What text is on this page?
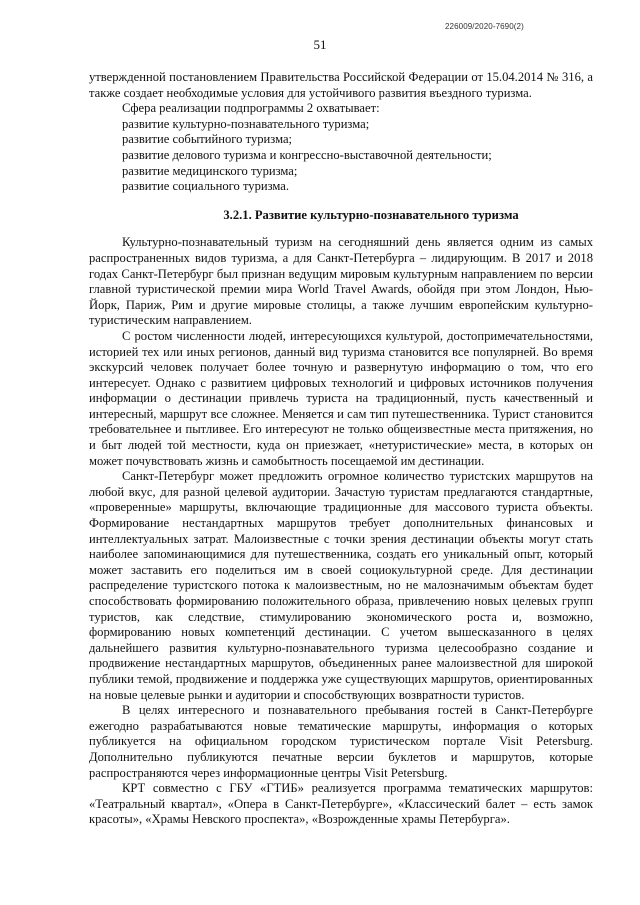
226009/2020-7690(2)
51

утвержденной постановлением Правительства Российской Федерации от 15.04.2014 № 316, а также создает необходимые условия для устойчивого развития въездного туризма.

Сфера реализации подпрограммы 2 охватывает:

развитие культурно-познавательного туризма;

развитие событийного туризма;

развитие делового туризма и конгрессно-выставочной деятельности;

развитие медицинского туризма;

развитие социального туризма.

3.2.1. Развитие культурно-познавательного туризма

Культурно-познавательный туризм на сегодняшний день является одним из самых распространенных видов туризма, а для Санкт-Петербурга – лидирующим. В 2017 и 2018 годах Санкт-Петербург был признан ведущим мировым культурным направлением по версии главной туристической премии мира World Travel Awards, обойдя при этом Лондон, Нью-Йорк, Париж, Рим и другие мировые столицы, а также лучшим европейским культурно-туристическим направлением.

С ростом численности людей, интересующихся культурой, достопримечательностями, историей тех или иных регионов, данный вид туризма становится все популярней. Во время экскурсий человек получает более точную и развернутую информацию о том, что его интересует. Однако с развитием цифровых технологий и цифровых источников получения информации о дестинации привлечь туриста на традиционный, пусть качественный и интересный, маршрут все сложнее. Меняется и сам тип путешественника. Турист становится требовательнее и пытливее. Его интересуют не только общеизвестные места притяжения, но и быт людей той местности, куда он приезжает, «нетуристические» места, в которых он может почувствовать жизнь и самобытность посещаемой им дестинации.

Санкт-Петербург может предложить огромное количество туристских маршрутов на любой вкус, для разной целевой аудитории. Зачастую туристам предлагаются стандартные, «проверенные» маршруты, включающие традиционные для массового туриста объекты. Формирование нестандартных маршрутов требует дополнительных финансовых и интеллектуальных затрат. Малоизвестные с точки зрения дестинации объекты могут стать наиболее запоминающимися для путешественника, создать его уникальный опыт, который может заставить его поделиться им в своей социокультурной среде. Для дестинации распределение туристского потока к малоизвестным, но не малозначимым объектам будет способствовать формированию положительного образа, привлечению новых целевых групп туристов, как следствие, стимулированию экономического роста и, возможно, формированию новых компетенций дестинации. С учетом вышесказанного в целях дальнейшего развития культурно-познавательного туризма целесообразно создание и продвижение нестандартных маршрутов, объединенных ранее малоизвестной для широкой публики темой, продвижение и поддержка уже существующих маршрутов, ориентированных на новые целевые рынки и аудитории и способствующих возвратности туристов.

В целях интересного и познавательного пребывания гостей в Санкт-Петербурге ежегодно разрабатываются новые тематические маршруты, информация о которых публикуется на официальном городском туристическом портале Visit Petersburg. Дополнительно публикуются печатные версии буклетов и маршрутов, которые распространяются через информационные центры Visit Petersburg.

КРТ совместно с ГБУ «ГТИБ» реализуется программа тематических маршрутов: «Театральный квартал», «Опера в Санкт-Петербурге», «Классический балет – есть замок красоты», «Храмы Невского проспекта», «Возрожденные храмы Петербурга».
